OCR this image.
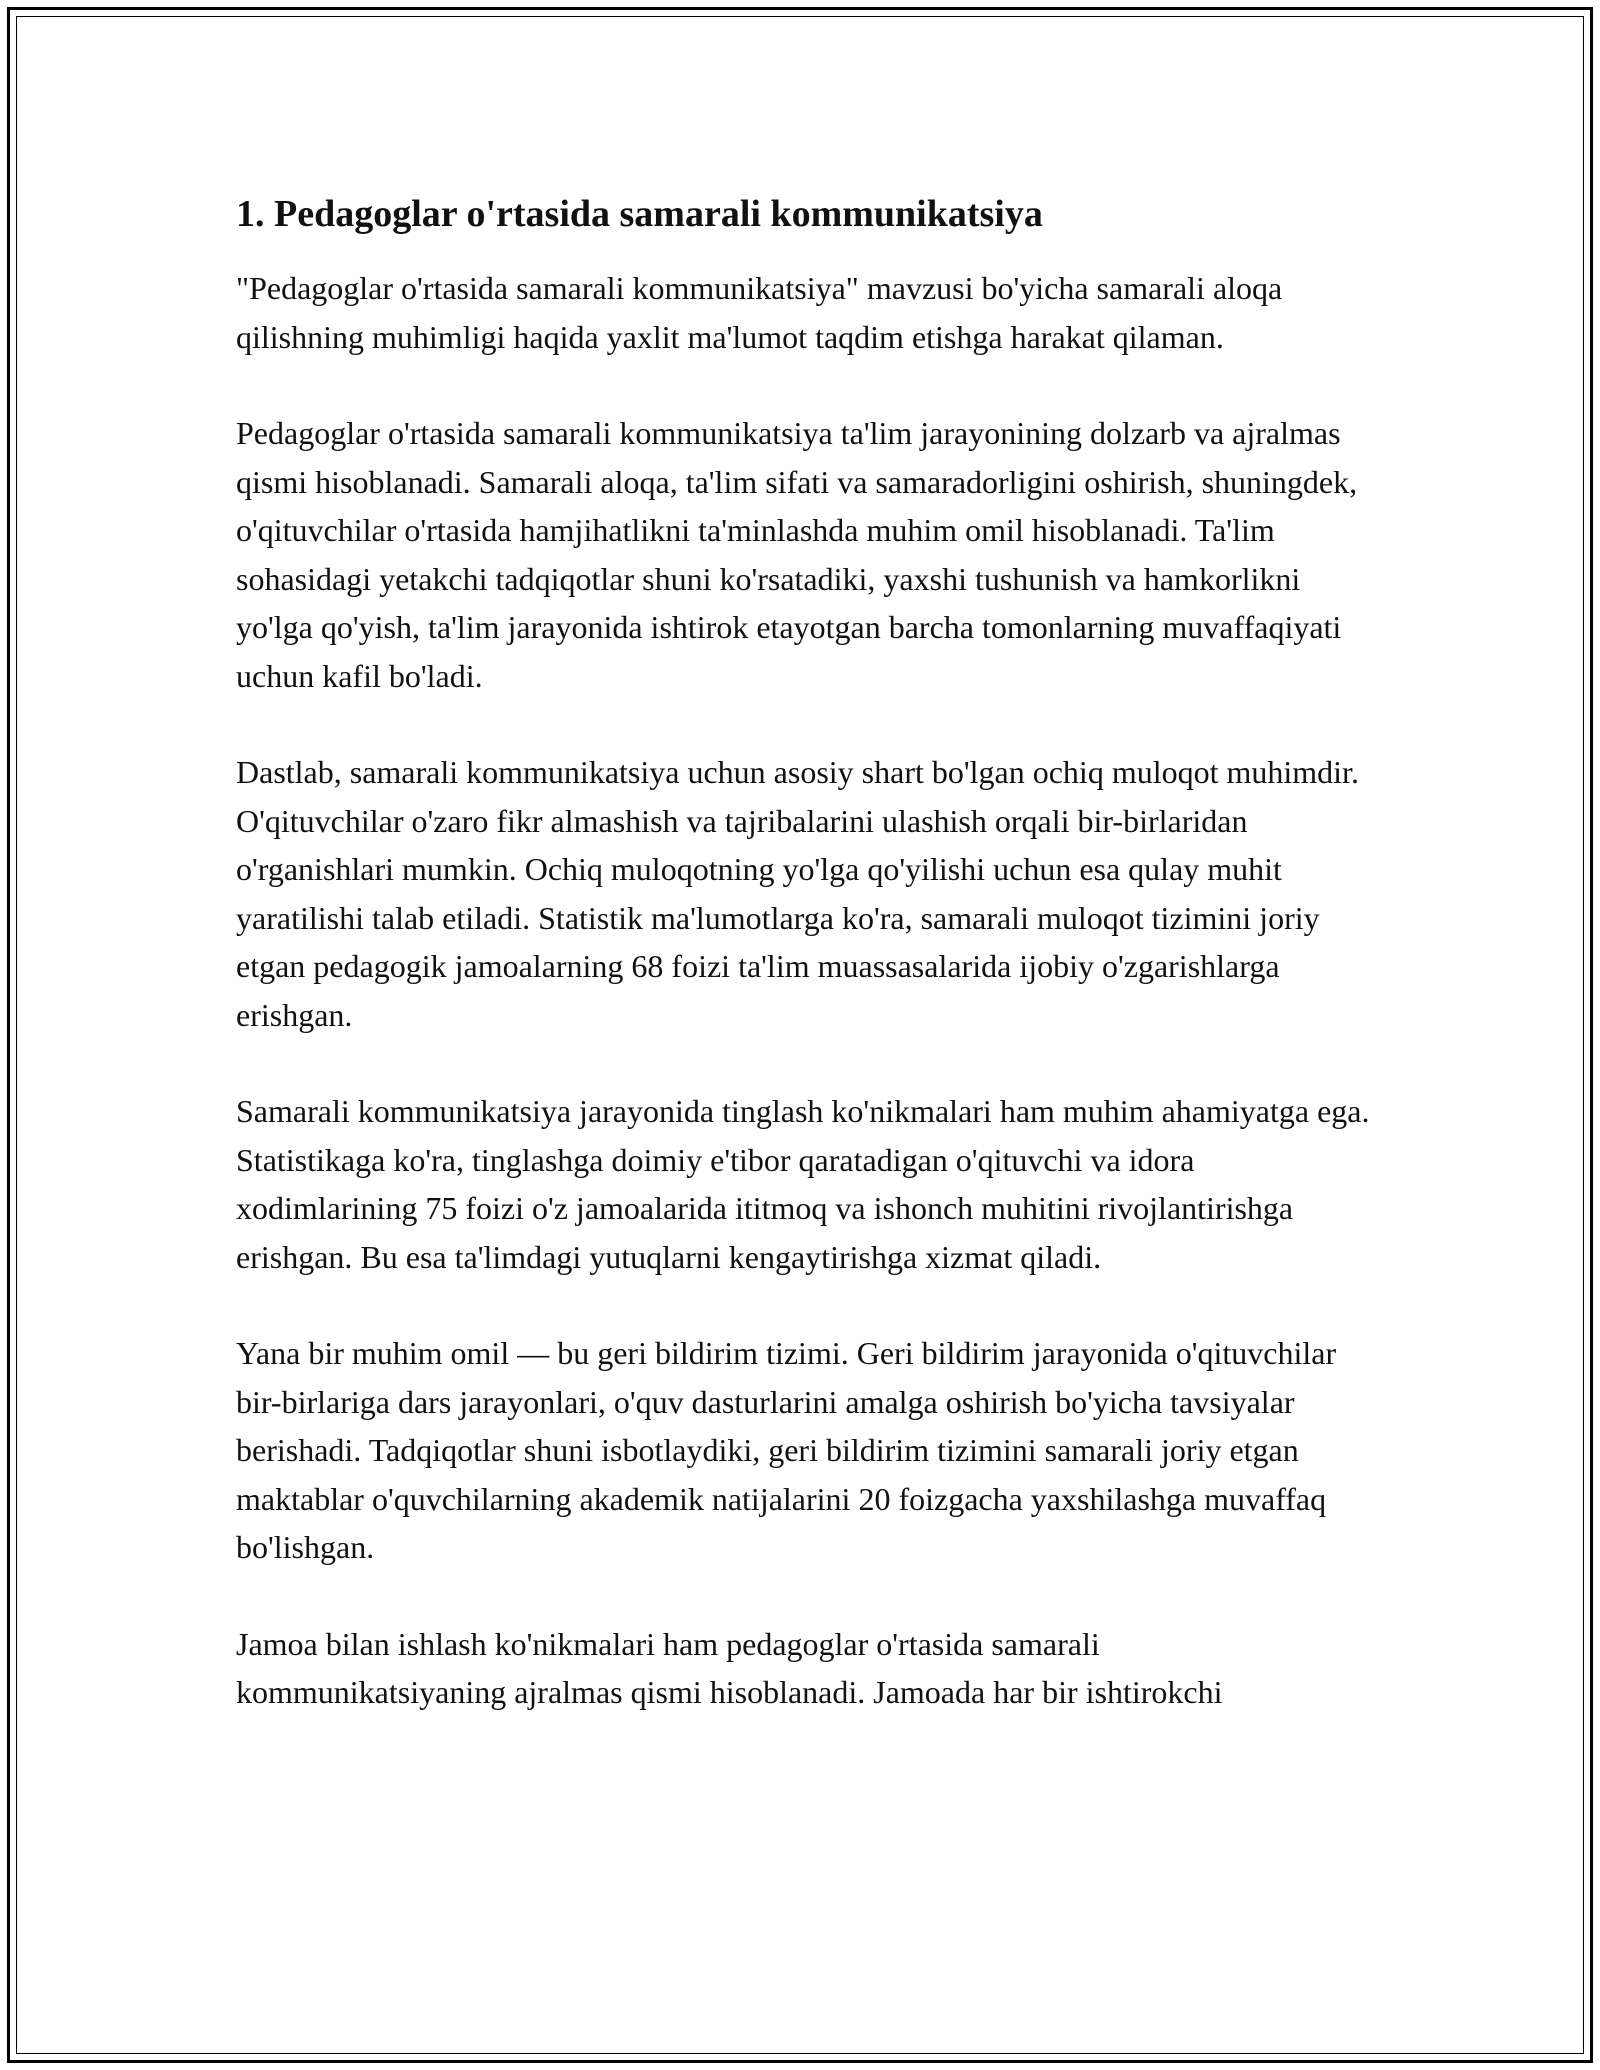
1. Pedagoglar o'rtasida samarali kommunikatsiya

"Pedagoglar o'rtasida samarali kommunikatsiya" mavzusi bo'yicha samarali aloqa qilishning muhimligi haqida yaxlit ma'lumot taqdim etishga harakat qilaman.

Pedagoglar o'rtasida samarali kommunikatsiya ta'lim jarayonining dolzarb va ajralmas qismi hisoblanadi. Samarali aloqa, ta'lim sifati va samaradorligini oshirish, shuningdek, o'qituvchilar o'rtasida hamjihatlikni ta'minlashda muhim omil hisoblanadi. Ta'lim sohasidagi yetakchi tadqiqotlar shuni ko'rsatadiki, yaxshi tushunish va hamkorlikni yo'lga qo'yish, ta'lim jarayonida ishtirok etayotgan barcha tomonlarning muvaffaqiyati uchun kafil bo'ladi.

Dastlab, samarali kommunikatsiya uchun asosiy shart bo'lgan ochiq muloqot muhimdir. O'qituvchilar o'zaro fikr almashish va tajribalarini ulashish orqali bir-birlaridan o'rganishlari mumkin. Ochiq muloqotning yo'lga qo'yilishi uchun esa qulay muhit yaratilishi talab etiladi. Statistik ma'lumotlarga ko'ra, samarali muloqot tizimini joriy etgan pedagogik jamoalarning 68 foizi ta'lim muassasalarida ijobiy o'zgarishlarga erishgan.

Samarali kommunikatsiya jarayonida tinglash ko'nikmalari ham muhim ahamiyatga ega. Statistikaga ko'ra, tinglashga doimiy e'tibor qaratadigan o'qituvchi va idora xodimlarining 75 foizi o'z jamoalarida ititmoq va ishonch muhitini rivojlantirishga erishgan. Bu esa ta'limdagi yutuqlarni kengaytirishga xizmat qiladi.

Yana bir muhim omil — bu geri bildirim tizimi. Geri bildirim jarayonida o'qituvchilar bir-birlariga dars jarayonlari, o'quv dasturlarini amalga oshirish bo'yicha tavsiyalar berishadi. Tadqiqotlar shuni isbotlaydiki, geri bildirim tizimini samarali joriy etgan maktablar o'quvchilarning akademik natijalarini 20 foizgacha yaxshilashga muvaffaq bo'lishgan.

Jamoa bilan ishlash ko'nikmalari ham pedagoglar o'rtasida samarali kommunikatsiyaning ajralmas qismi hisoblanadi. Jamoada har bir ishtirokchi
